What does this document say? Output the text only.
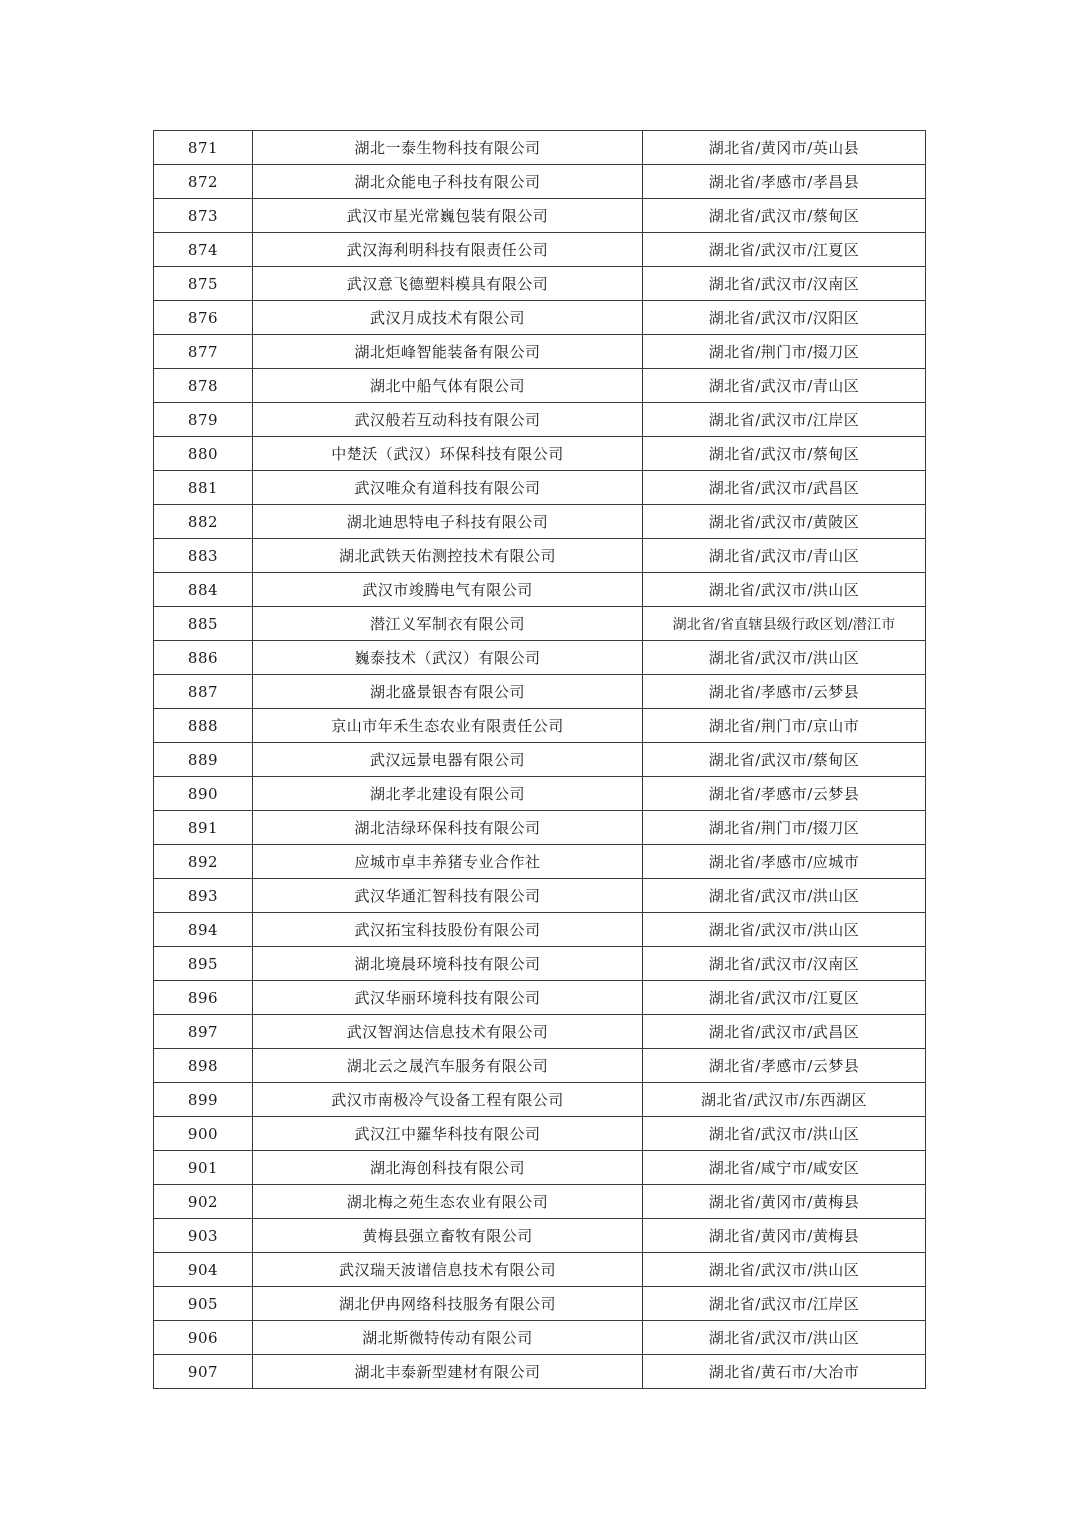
871	湖北一泰生物科技有限公司	湖北省/黄冈市/英山县
872	湖北众能电子科技有限公司	湖北省/孝感市/孝昌县
873	武汉市星光常巍包装有限公司	湖北省/武汉市/蔡甸区
874	武汉海利明科技有限责任公司	湖北省/武汉市/江夏区
875	武汉意飞德塑料模具有限公司	湖北省/武汉市/汉南区
876	武汉月成技术有限公司	湖北省/武汉市/汉阳区
877	湖北炬峰智能装备有限公司	湖北省/荆门市/掇刀区
878	湖北中船气体有限公司	湖北省/武汉市/青山区
879	武汉般若互动科技有限公司	湖北省/武汉市/江岸区
880	中楚沃（武汉）环保科技有限公司	湖北省/武汉市/蔡甸区
881	武汉唯众有道科技有限公司	湖北省/武汉市/武昌区
882	湖北迪思特电子科技有限公司	湖北省/武汉市/黄陂区
883	湖北武铁天佑测控技术有限公司	湖北省/武汉市/青山区
884	武汉市竣腾电气有限公司	湖北省/武汉市/洪山区
885	潜江义军制衣有限公司	湖北省/省直辖县级行政区划/潜江市
886	巍泰技术（武汉）有限公司	湖北省/武汉市/洪山区
887	湖北盛景银杏有限公司	湖北省/孝感市/云梦县
888	京山市年禾生态农业有限责任公司	湖北省/荆门市/京山市
889	武汉远景电器有限公司	湖北省/武汉市/蔡甸区
890	湖北孝北建设有限公司	湖北省/孝感市/云梦县
891	湖北洁绿环保科技有限公司	湖北省/荆门市/掇刀区
892	应城市卓丰养猪专业合作社	湖北省/孝感市/应城市
893	武汉华通汇智科技有限公司	湖北省/武汉市/洪山区
894	武汉拓宝科技股份有限公司	湖北省/武汉市/洪山区
895	湖北境晨环境科技有限公司	湖北省/武汉市/汉南区
896	武汉华丽环境科技有限公司	湖北省/武汉市/江夏区
897	武汉智润达信息技术有限公司	湖北省/武汉市/武昌区
898	湖北云之晟汽车服务有限公司	湖北省/孝感市/云梦县
899	武汉市南极冷气设备工程有限公司	湖北省/武汉市/东西湖区
900	武汉江中羅华科技有限公司	湖北省/武汉市/洪山区
901	湖北海创科技有限公司	湖北省/咸宁市/咸安区
902	湖北梅之苑生态农业有限公司	湖北省/黄冈市/黄梅县
903	黄梅县强立畜牧有限公司	湖北省/黄冈市/黄梅县
904	武汉瑞天波谱信息技术有限公司	湖北省/武汉市/洪山区
905	湖北伊冉网络科技服务有限公司	湖北省/武汉市/江岸区
906	湖北斯微特传动有限公司	湖北省/武汉市/洪山区
907	湖北丰泰新型建材有限公司	湖北省/黄石市/大冶市
